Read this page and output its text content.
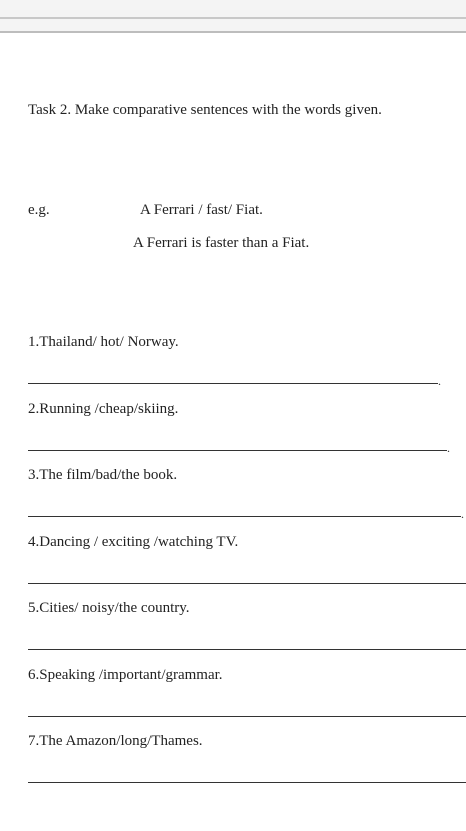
Task 2. Make comparative sentences with the words given.
e.g.	A Ferrari / fast/ Fiat.
A Ferrari is faster than a Fiat.
1.Thailand/ hot/ Norway.
.
2.Running /cheap/skiing.
.
3.The film/bad/the book.
.
4.Dancing / exciting /watching TV.
5.Cities/ noisy/the country.
6.Speaking /important/grammar.
7.The Amazon/long/Thames.
